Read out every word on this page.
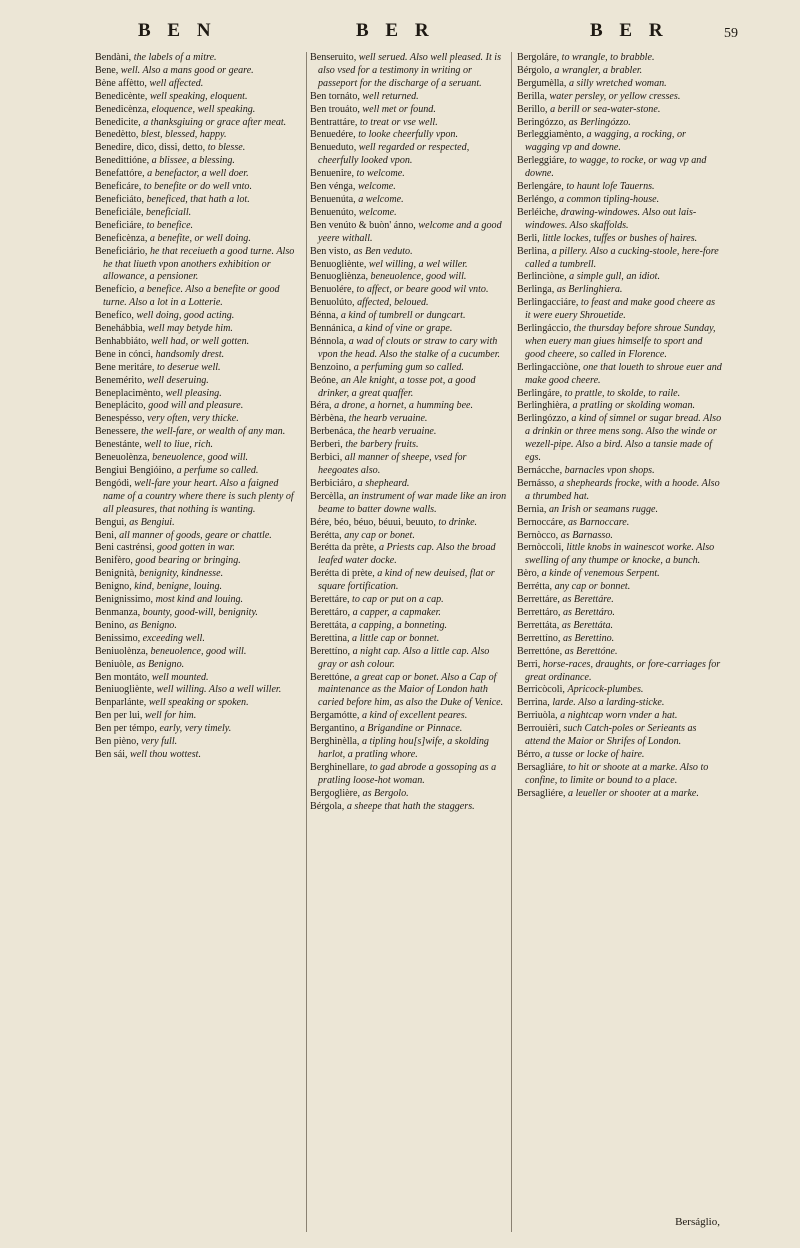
B E N	B E R	B E R	59

Bendàni, the labels of a mitre.

Bene, well. Also a mans good or geare.

Bène affètto, well affected.

Benedicènte, well speaking, eloquent.

Benedicènza, eloquence, well speaking.

Benedicite, a thanksgiuing or grace after meat.

Benedètto, blest, blessed, happy.

Benedire, dico, dissi, detto, to blesse.

Benedittióne, a blissee, a blessing.

Benefattóre, a benefactor, a well doer.

Beneficáre, to benefite or do well vnto.

Beneficiáto, beneficed, that hath a lot.

Beneficiále, beneficiall.

Beneficiáre, to benefice.

Beneficènza, a benefite, or well doing.

Beneficiário, he that receiueth a good turne. Also he that liueth vpon anothers exhibition or allowance, a pensioner.

Benefício, a benefice. Also a benefite or good turne. Also a lot in a Lotterie.

Benefíco, well doing, good acting.

Benehábbia, well may betyde him.

Benhabbiáto, well had, or well gotten.

Bene in cónci, handsomly drest.

Bene meritáre, to deserue well.

Benemérito, well deseruing.

Beneplacimènto, well pleasing.

Beneplácito, good will and pleasure.

Benespésso, very often, very thicke.

Benessere, the well-fare, or wealth of any man.

Benestánte, well to liue, rich.

Beneuolènza, beneuolence, good will.

Bengiui Bengióino, a perfume so called.

Bengódi, well-fare your heart. Also a faigned name of a country where there is such plenty of all pleasures, that nothing is wanting.

Bengui, as Bengiui.

Beni, all manner of goods, geare or chattle.

Beni castrénsi, good gotten in war.

Benifèro, good bearing or bringing.

Benignità, benignity, kindnesse.

Benigno, kind, benigne, louing.

Benignissimo, most kind and louing.

Benmanza, bounty, good-will, benignity.

Benino, as Benigno.

Benissimo, exceeding well.

Beniuolènza, beneuolence, good will.

Beniuòle, as Benigno.

Ben montáto, well mounted.

Beniuogliènte, well willing. Also a well willer.

Benparlánte, well speaking or spoken.

Ben per lui, well for him.

Ben per témpo, early, very timely.

Ben pièno, very full.

Ben sái, well thou wottest.

Benseruito, well serued. Also well pleased. It is also vsed for a testimony in writing or passeport for the discharge of a seruant.

Ben tornáto, well returned.

Ben trouáto, well met or found.

Bentrattáre, to treat or vse well.

Benuedére, to looke cheerfully vpon.

Benueduto, well regarded or respected, cheerfully looked vpon.

Benuenire, to welcome.

Ben vénga, welcome.

Benuenúta, a welcome.

Benuenúto, welcome.

Ben venúto & buòn' ánno, welcome and a good yeere withall.

Ben visto, as Ben veduto.

Benuogliènte, wel willing, a wel willer.

Benuogliènza, beneuolence, good will.

Benuolére, to affect, or beare good wil vnto.

Benuolúto, affected, beloued.

Bénna, a kind of tumbrell or dungcart.

Bennánica, a kind of vine or grape.

Bénnola, a wad of clouts or straw to cary with vpon the head. Also the stalke of a cucumber.

Benzoino, a perfuming gum so called.

Beóne, an Ale knight, a tosse pot, a good drinker, a great quaffer.

Béra, a drone, a hornet, a humming bee.

Bèrbèna, the hearb veruaine.

Berbenáca, the hearb veruaine.

Berberi, the barbery fruits.

Berbici, all manner of sheepe, vsed for heegoates also.

Berbiciáro, a shepheard.

Bercèlla, an instrument of war made like an iron beame to batter downe walls.

Bére, béo, béuo, béuui, beuuto, to drinke.

Berétta, any cap or bonet.

Berétta da prète, a Priests cap. Also the broad leafed water docke.

Berétta di prète, a kind of new deuised, flat or square fortification.

Berettáre, to cap or put on a cap.

Berettáro, a capper, a capmaker.

Berettáta, a capping, a bonneting.

Berettina, a little cap or bonnet.

Berettíno, a night cap. Also a little cap. Also gray or ash colour.

Berettóne, a great cap or bonet. Also a Cap of maintenance as the Maior of London hath caried before him, as also the Duke of Venice.

Bergamótte, a kind of excellent peares.

Bergantino, a Brigandine or Pinnace.

Berghinèlla, a tipling hou[s]wife, a skolding harlot, a pratling whore.

Berghinellare, to gad abrode a gossoping as a pratling loose-hot woman.

Bergoglière, as Bergolo.

Bérgola, a sheepe that hath the staggers.

Bergoláre, to wrangle, to brabble.

Bérgolo, a wrangler, a brabler.

Bergumèlla, a silly wretched woman.

Berilla, water persley, or yellow cresses.

Berillo, a berill or sea-water-stone.

Beringózzo, as Berlingózzo.

Berleggiamènto, a wagging, a rocking, or wagging vp and downe.

Berleggiáre, to wagge, to rocke, or wag vp and downe.

Berlengáre, to haunt lofe Tauerns.

Berléngo, a common tipling-house.

Berléiche, drawing-windowes. Also out lais-windowes. Also skaffolds.

Berli, little lockes, tuffes or bushes of haires.

Berlina, a pillery. Also a cucking-stoole, here-fore called a tumbrell.

Berlinciòne, a simple gull, an idiot.

Berlinga, as Berlinghiera.

Berlingacciáre, to feast and make good cheere as it were euery Shrouetide.

Berlingáccio, the thursday before shroue Sunday, when euery man giues himselfe to sport and good cheere, so called in Florence.

Berlingacciòne, one that loueth to shroue euer and make good cheere.

Berlingáre, to prattle, to skolde, to raile.

Berlinghièra, a pratling or skolding woman.

Berlingózzo, a kind of simnel or sugar bread. Also a drinkin or three mens song. Also the winde or wezell-pipe. Also a bird. Also a tansie made of egs.

Bernácche, barnacles vpon shops.

Bernásso, a shepheards frocke, with a hoode. Also a thrumbed hat.

Bernia, an Irish or seamans rugge.

Bernoccáre, as Barnoccare.

Bernòcco, as Barnasso.

Bernòccoli, little knobs in wainescot worke. Also swelling of any thumpe or knocke, a bunch.

Bèro, a kinde of venemous Serpent.

Berrétta, any cap or bonnet.

Berrettáre, as Berettáre.

Berrettáro, as Berettáro.

Berrettáta, as Berettáta.

Berrettíno, as Berettino.

Berrettóne, as Berettóne.

Berri, horse-races, draughts, or fore-carriages for great ordinance.

Berricòcoli, Apricock-plumbes.

Berrina, larde. Also a larding-sticke.

Berriuòla, a nightcap worn vnder a hat.

Berrouièri, such Catch-poles or Serieants as attend the Maior or Shrifes of London.

Bérro, a tusse or locke of haire.

Bersagliáre, to hit or shoote at a marke. Also to confine, to limite or bound to a place.

Bersagliére, a leueller or shooter at a marke.

Berságlio,
